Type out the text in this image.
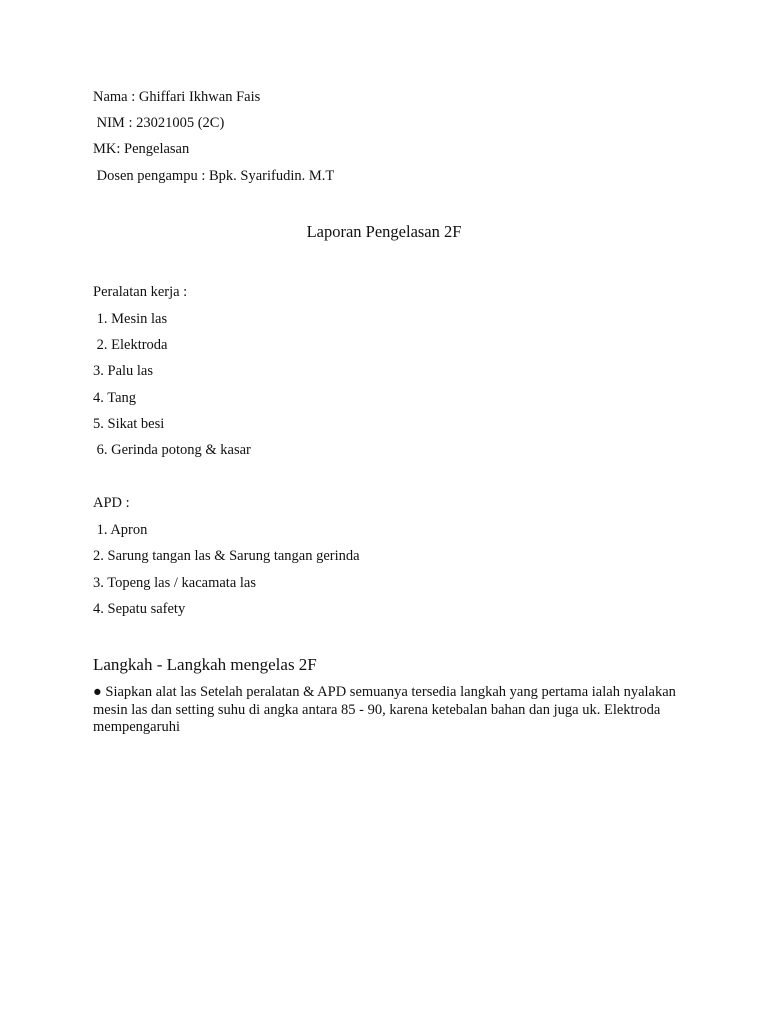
Nama : Ghiffari Ikhwan Fais
NIM : 23021005 (2C)
MK: Pengelasan
Dosen pengampu : Bpk. Syarifudin. M.T
Laporan Pengelasan 2F
Peralatan kerja :
1. Mesin las
2. Elektroda
3. Palu las
4. Tang
5. Sikat besi
6. Gerinda potong & kasar
APD :
1. Apron
2. Sarung tangan las & Sarung tangan gerinda
3. Topeng las / kacamata las
4. Sepatu safety
Langkah - Langkah mengelas 2F
● Siapkan alat las Setelah peralatan & APD semuanya tersedia langkah yang pertama ialah nyalakan mesin las dan setting suhu di angka antara 85 - 90, karena ketebalan bahan dan juga uk. Elektroda mempengaruhi
